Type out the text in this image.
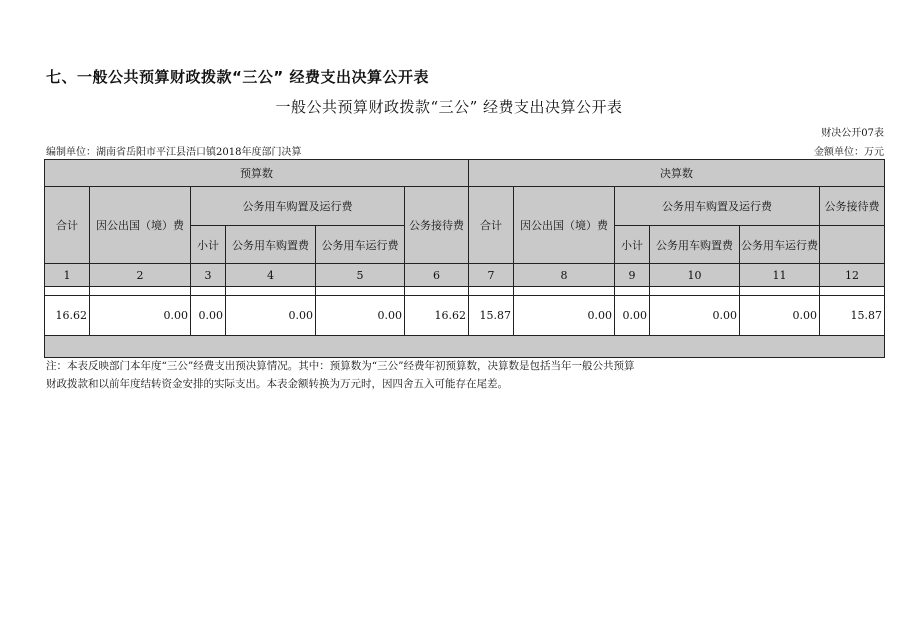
七、一般公共预算财政拨款“三公” 经费支出决算公开表
一般公共预算财政拨款“三公” 经费支出决算公开表
财决公开07表
编制单位：湖南省岳阳市平江县浯口镇2018年度部门决算	金额单位：万元
预算数						决算数					
合计	因公出国（境）费	公务用车购置及运行费			公务接待费	合计	因公出国（境）费	公务用车购置及运行费			公务接待费
		小计	公务用车购置费	公务用车运行费				小计	公务用车购置费	公务用车运行费	
1	2	3	4	5	6	7	8	9	10	11	12

16.62	0.00	0.00	0.00	0.00	16.62	15.87	0.00	0.00	0.00	0.00	15.87

注：本表反映部门本年度“三公”经费支出预决算情况。其中：预算数为“三公”经费年初预算数，决算数是包括当年一般公共预算
财政拨款和以前年度结转资金安排的实际支出。本表金额转换为万元时，因四舍五入可能存在尾差。
